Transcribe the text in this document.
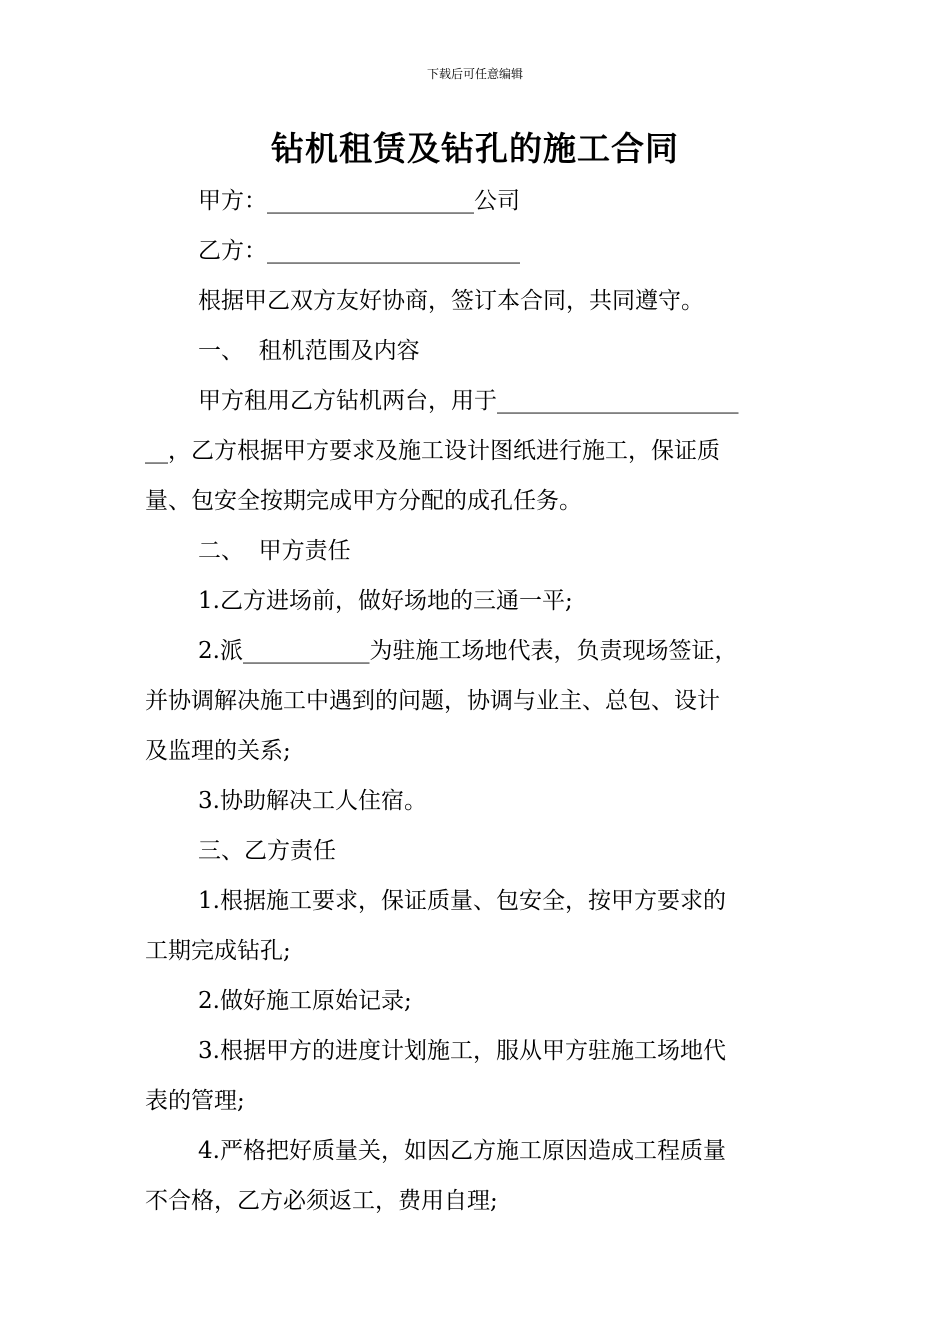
下载后可任意编辑
钻机租赁及钻孔的施工合同

甲方：__________________公司

乙方：______________________

根据甲乙双方友好协商，签订本合同，共同遵守。

一、  租机范围及内容

甲方租用乙方钻机两台，用于_____________________

__，乙方根据甲方要求及施工设计图纸进行施工，保证质

量、包安全按期完成甲方分配的成孔任务。

二、  甲方责任

1.乙方进场前，做好场地的三通一平;

2.派___________为驻施工场地代表，负责现场签证，

并协调解决施工中遇到的问题，协调与业主、总包、设计

及监理的关系;

3.协助解决工人住宿。

三、乙方责任

1.根据施工要求，保证质量、包安全，按甲方要求的

工期完成钻孔;

2.做好施工原始记录;

3.根据甲方的进度计划施工，服从甲方驻施工场地代

表的管理;

4.严格把好质量关，如因乙方施工原因造成工程质量

不合格，乙方必须返工，费用自理;
